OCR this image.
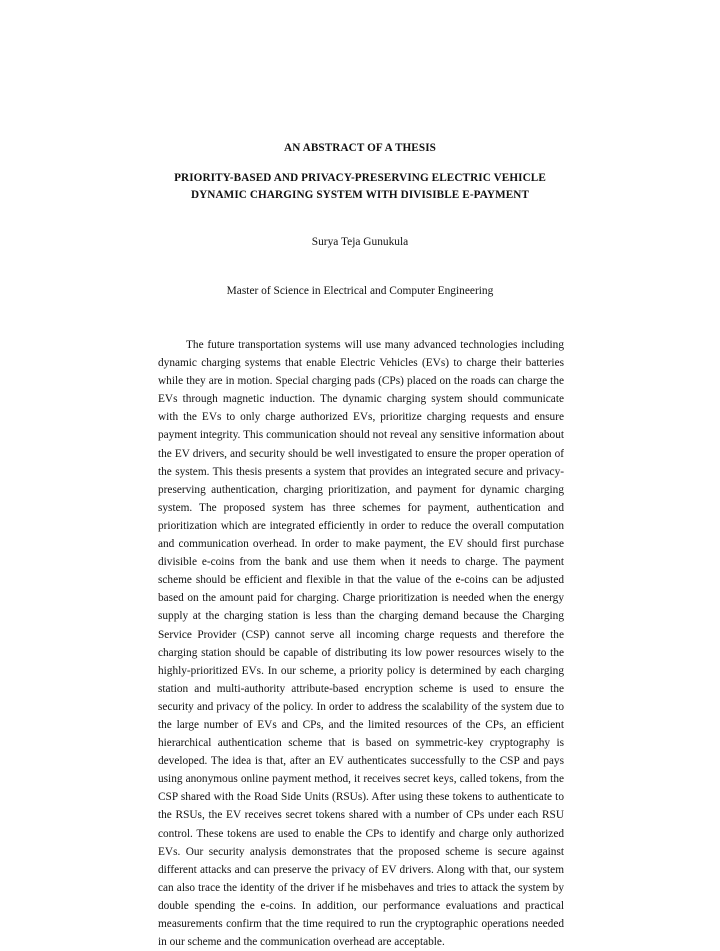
AN ABSTRACT OF A THESIS

PRIORITY-BASED AND PRIVACY-PRESERVING ELECTRIC VEHICLE
DYNAMIC CHARGING SYSTEM WITH DIVISIBLE E-PAYMENT

Surya Teja Gunukula

Master of Science in Electrical and Computer Engineering

The future transportation systems will use many advanced technologies including dynamic charging systems that enable Electric Vehicles (EVs) to charge their batteries while they are in motion. Special charging pads (CPs) placed on the roads can charge the EVs through magnetic induction. The dynamic charging system should communicate with the EVs to only charge authorized EVs, prioritize charging requests and ensure payment integrity. This communication should not reveal any sensitive information about the EV drivers, and security should be well investigated to ensure the proper operation of the system. This thesis presents a system that provides an integrated secure and privacy-preserving authentication, charging prioritization, and payment for dynamic charging system. The proposed system has three schemes for payment, authentication and prioritization which are integrated efficiently in order to reduce the overall computation and communication overhead. In order to make payment, the EV should first purchase divisible e-coins from the bank and use them when it needs to charge. The payment scheme should be efficient and flexible in that the value of the e-coins can be adjusted based on the amount paid for charging. Charge prioritization is needed when the energy supply at the charging station is less than the charging demand because the Charging Service Provider (CSP) cannot serve all incoming charge requests and therefore the charging station should be capable of distributing its low power resources wisely to the highly-prioritized EVs. In our scheme, a priority policy is determined by each charging station and multi-authority attribute-based encryption scheme is used to ensure the security and privacy of the policy. In order to address the scalability of the system due to the large number of EVs and CPs, and the limited resources of the CPs, an efficient hierarchical authentication scheme that is based on symmetric-key cryptography is developed. The idea is that, after an EV authenticates successfully to the CSP and pays using anonymous online payment method, it receives secret keys, called tokens, from the CSP shared with the Road Side Units (RSUs). After using these tokens to authenticate to the RSUs, the EV receives secret tokens shared with a number of CPs under each RSU control. These tokens are used to enable the CPs to identify and charge only authorized EVs. Our security analysis demonstrates that the proposed scheme is secure against different attacks and can preserve the privacy of EV drivers. Along with that, our system can also trace the identity of the driver if he misbehaves and tries to attack the system by double spending the e-coins. In addition, our performance evaluations and practical measurements confirm that the time required to run the cryptographic operations needed in our scheme and the communication overhead are acceptable.
